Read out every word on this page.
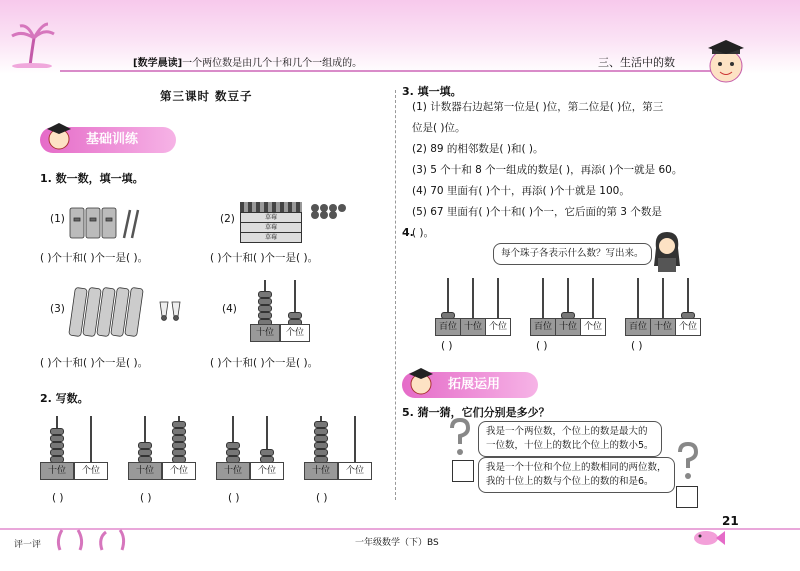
[数学晨读]一个两位数是由几个十和几个一组成的。	三、生活中的数
第三课时 数豆子
基础训练
1. 数一数，填一填。
(1)
( )个十和( )个一是( )。
(2)	草莓
草莓
草莓
( )个十和( )个一是( )。
(3)
( )个十和( )个一是( )。
(4)
十位	个位
( )个十和( )个一是( )。
2. 写数。
十位	个位
( )
十位	个位
( )
十位	个位
( )
十位	个位
( )
3. 填一填。
(1) 计数器右边起第一位是( )位，第二位是( )位，第三
位是( )位。
(2) 89 的相邻数是( )和( )。
(3) 5 个十和 8 个一组成的数是( )，再添( )个一就是 60。
(4) 70 里面有( )个十，再添( )个十就是 100。
(5) 67 里面有( )个十和( )个一，它后面的第 3 个数是
( )。
4.
每个珠子各表示什么数？写出来。
百位 十位 个位
( )
百位 十位 个位
( )
百位 十位 个位
( )
拓展运用
5. 猜一猜，它们分别是多少？
我是一个两位数，个位上的数是最大的
一位数，十位上的数比个位上的数小5。
我是一个十位和个位上的数相同的两位数，
我的十位上的数与个位上的数的和是6。
评一评	一年级数学（下）BS
21
